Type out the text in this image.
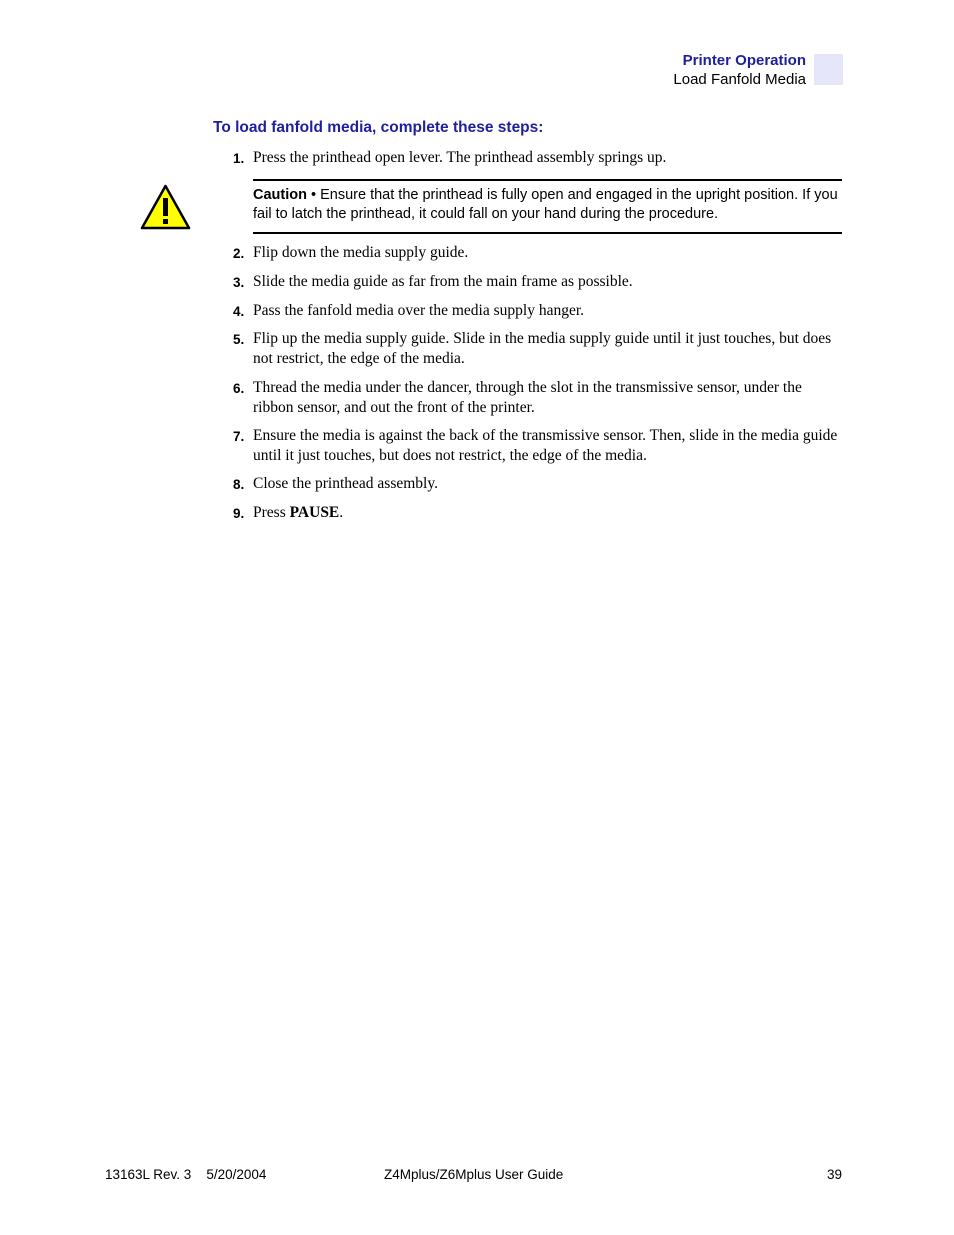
Printer Operation
Load Fanfold Media
To load fanfold media, complete these steps:
1. Press the printhead open lever. The printhead assembly springs up.
Caution • Ensure that the printhead is fully open and engaged in the upright position. If you fail to latch the printhead, it could fall on your hand during the procedure.
2. Flip down the media supply guide.
3. Slide the media guide as far from the main frame as possible.
4. Pass the fanfold media over the media supply hanger.
5. Flip up the media supply guide. Slide in the media supply guide until it just touches, but does not restrict, the edge of the media.
6. Thread the media under the dancer, through the slot in the transmissive sensor, under the ribbon sensor, and out the front of the printer.
7. Ensure the media is against the back of the transmissive sensor. Then, slide in the media guide until it just touches, but does not restrict, the edge of the media.
8. Close the printhead assembly.
9. Press PAUSE.
13163L Rev. 3 5/20/2004	Z4Mplus/Z6Mplus User Guide	39
